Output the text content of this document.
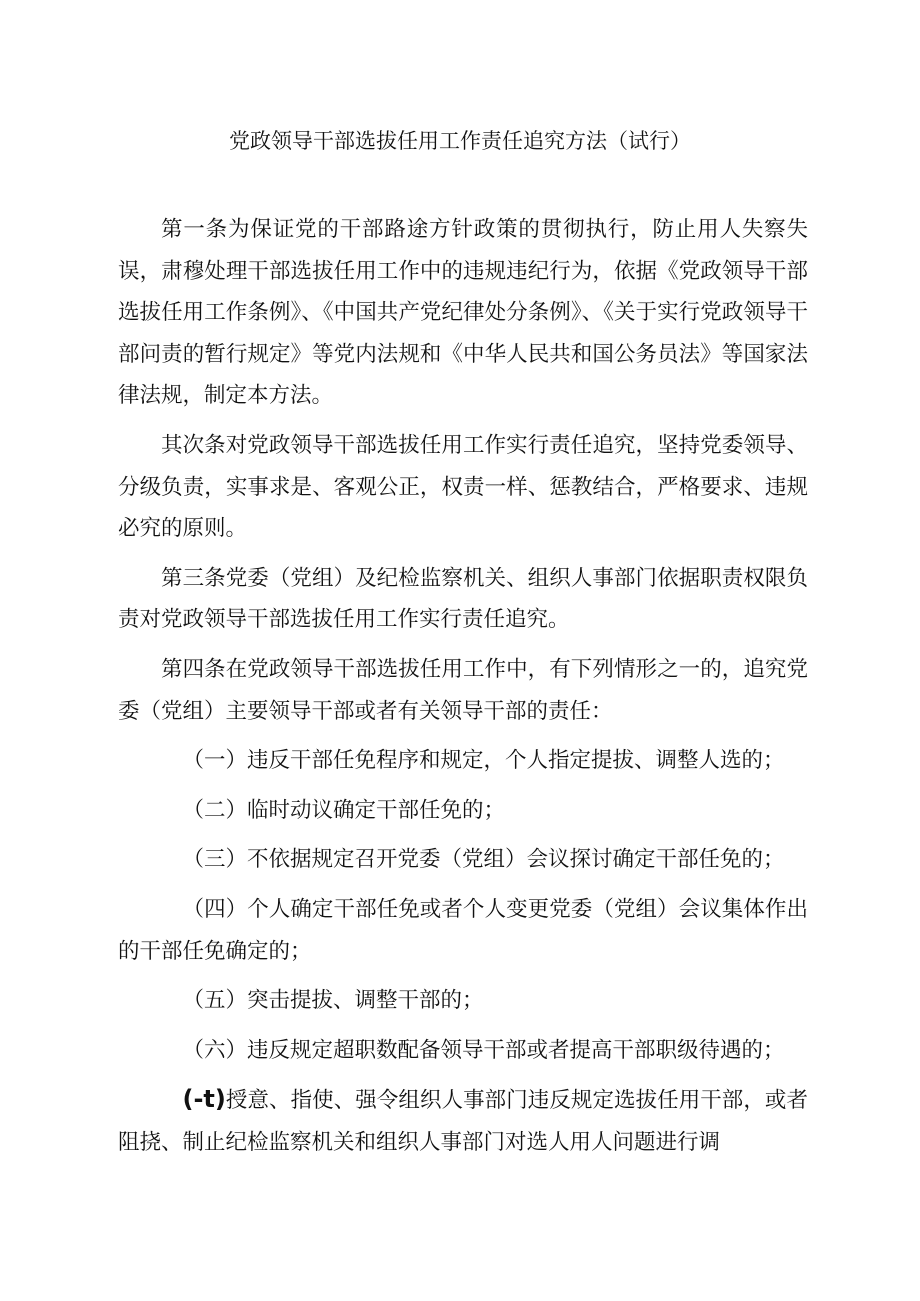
党政领导干部选拔任用工作责任追究方法（试行）

第一条为保证党的干部路途方针政策的贯彻执行，防止用人失察失误，肃穆处理干部选拔任用工作中的违规违纪行为，依据《党政领导干部选拔任用工作条例》、《中国共产党纪律处分条例》、《关于实行党政领导干部问责的暂行规定》等党内法规和《中华人民共和国公务员法》等国家法律法规，制定本方法。

其次条对党政领导干部选拔任用工作实行责任追究，坚持党委领导、分级负责，实事求是、客观公正，权责一样、惩教结合，严格要求、违规必究的原则。

第三条党委（党组）及纪检监察机关、组织人事部门依据职责权限负责对党政领导干部选拔任用工作实行责任追究。

第四条在党政领导干部选拔任用工作中，有下列情形之一的，追究党委（党组）主要领导干部或者有关领导干部的责任：

（一）违反干部任免程序和规定，个人指定提拔、调整人选的；

（二）临时动议确定干部任免的；

（三）不依据规定召开党委（党组）会议探讨确定干部任免的；

（四）个人确定干部任免或者个人变更党委（党组）会议集体作出的干部任免确定的；

（五）突击提拔、调整干部的；

（六）违反规定超职数配备领导干部或者提高干部职级待遇的；

(-t)授意、指使、强令组织人事部门违反规定选拔任用干部，或者阻挠、制止纪检监察机关和组织人事部门对选人用人问题进行调
